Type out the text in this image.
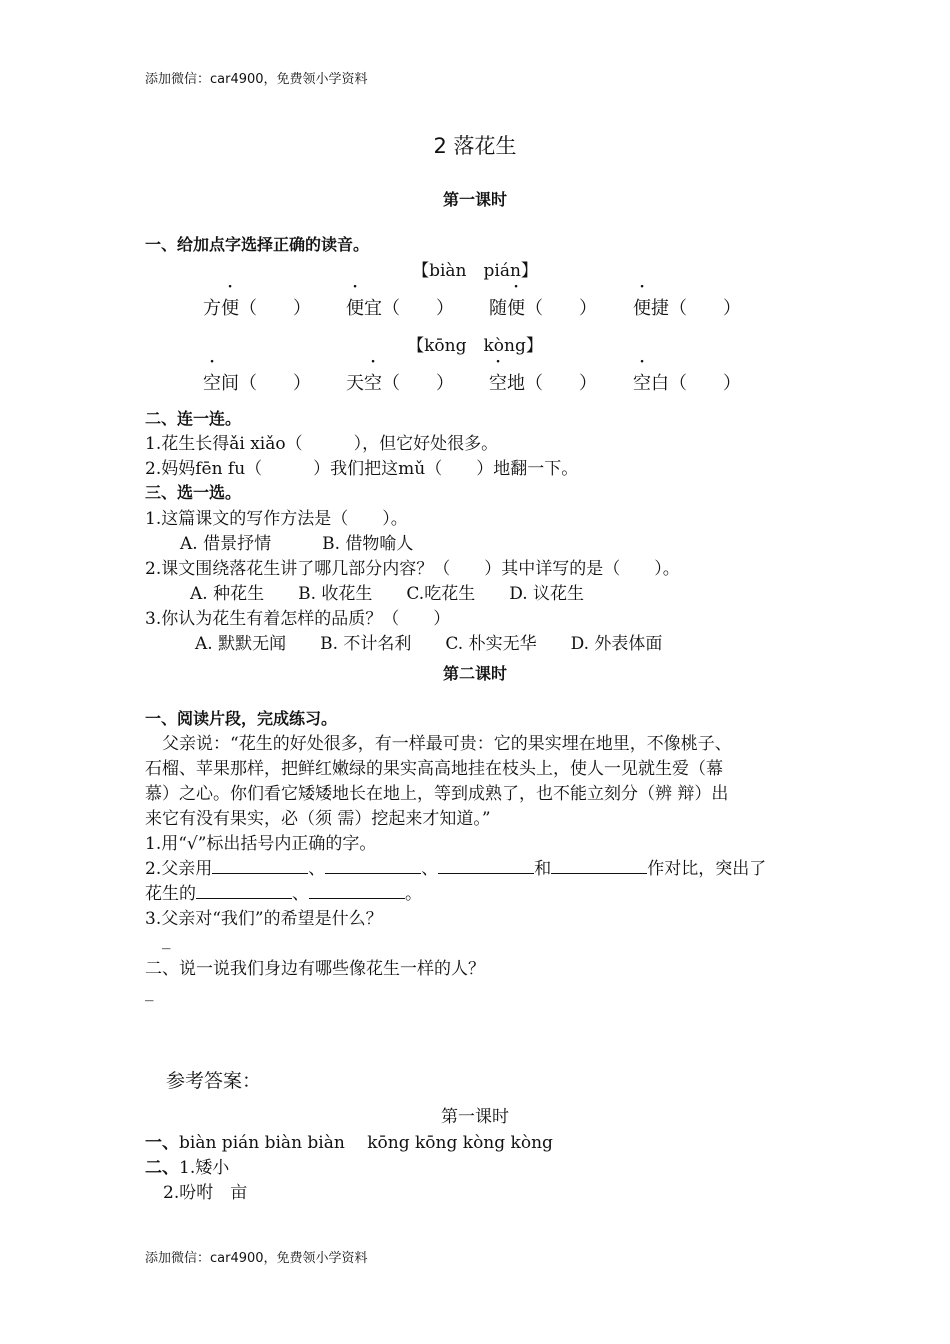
添加微信：car4900，免费领小学资料
2 落花生
第一课时
一、给加点字选择正确的读音。
【biàn　pián】
方便（　　） 便宜（　　） 随便（　　） 便捷（　　）
【kōng　kòng】
空间（　　） 天空（　　） 空地（　　） 空白（　　）
二、连一连。
1.花生长得ǎi xiǎo（　　　），但它好处很多。
2.妈妈fēn fu（　　　）我们把这mǔ（　　）地翻一下。
三、选一选。
1.这篇课文的写作方法是（　　）。
A. 借景抒情　　　B. 借物喻人
2.课文围绕落花生讲了哪几部分内容？（　　）其中详写的是（　　）。
A. 种花生　　B. 收花生　　C.吃花生　　D. 议花生
3.你认为花生有着怎样的品质？（　　）
A. 默默无闻　　B. 不计名利　　C. 朴实无华　　D. 外表体面
第二课时
一、阅读片段，完成练习。
　父亲说：“花生的好处很多，有一样最可贵：它的果实埋在地里，不像桃子、
石榴、苹果那样，把鲜红嫩绿的果实高高地挂在枝头上，使人一见就生爱（幕
慕）之心。你们看它矮矮地长在地上，等到成熟了，也不能立刻分（辨 辩）出
来它有没有果实，必（须 需）挖起来才知道。”
1.用“√”标出括号内正确的字。
2.父亲用	、	、	和	作对比，突出了
花生的	、	。
3.父亲对“我们”的希望是什么？
_
二、说一说我们身边有哪些像花生一样的人？
_
参考答案：
第一课时
一、biàn pián biàn biàn　 kōng kōng kòng kòng
二、1.矮小
2.吩咐　亩
添加微信：car4900，免费领小学资料
